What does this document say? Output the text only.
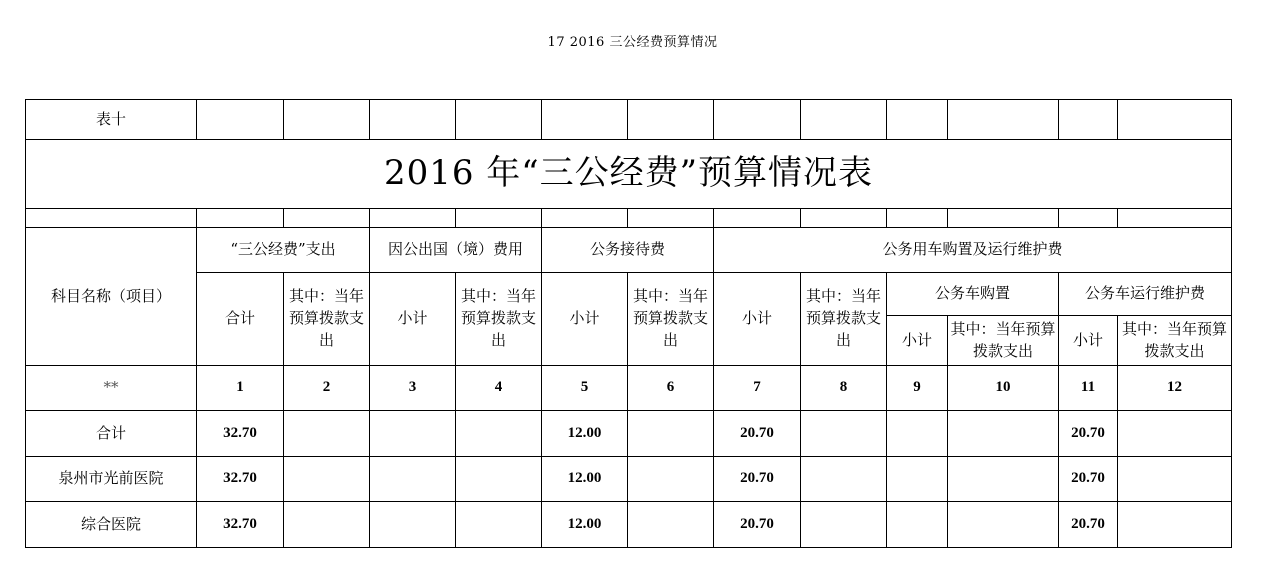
17 2016 三公经费预算情况
表十												
2016 年“三公经费”预算情况表												

科目名称（项目）	“三公经费”支出		因公出国（境）费用		公务接待费		公务用车购置及运行维护费					
	合计	其中：当年预算拨款支出	小计	其中：当年预算拨款支出	小计	其中：当年预算拨款支出	小计	其中：当年预算拨款支出	公务车购置		公务车运行维护费	
									小计	其中：当年预算拨款支出	小计	其中：当年预算拨款支出
**	1	2	3	4	5	6	7	8	9	10	11	12
合计	32.70				12.00		20.70				20.70	
泉州市光前医院	32.70				12.00		20.70				20.70	
综合医院	32.70				12.00		20.70				20.70	
